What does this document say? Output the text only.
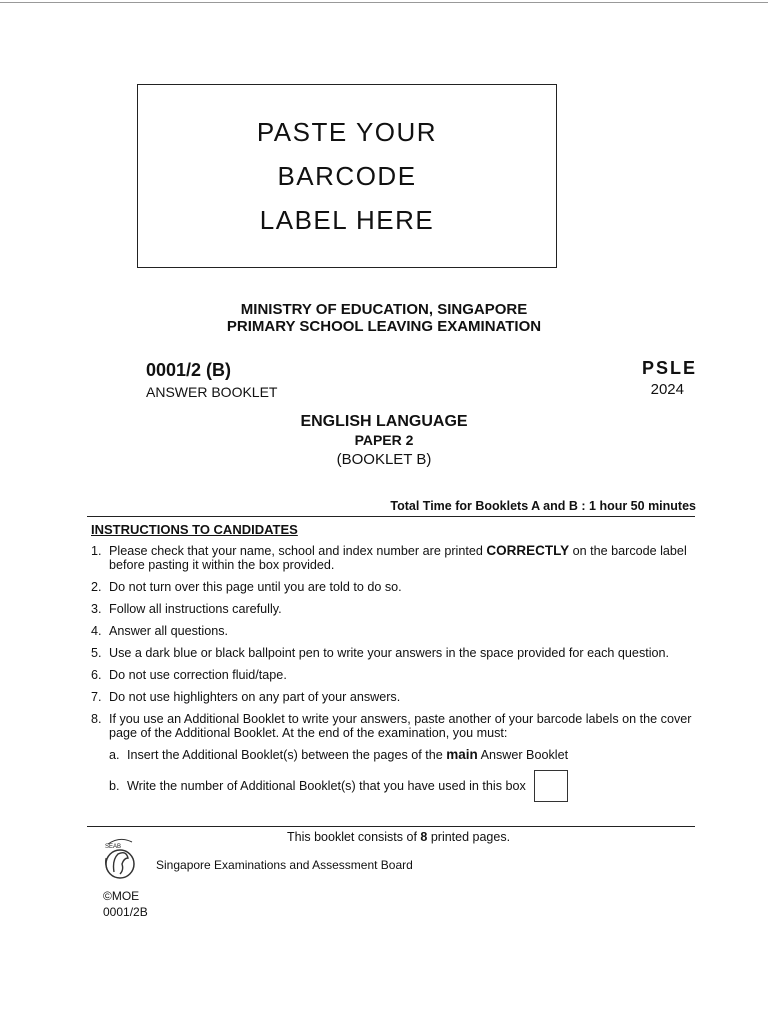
PASTE YOUR
BARCODE
LABEL HERE
MINISTRY OF EDUCATION, SINGAPORE
PRIMARY SCHOOL LEAVING EXAMINATION
0001/2 (B)
ANSWER BOOKLET
PSLE
2024
ENGLISH LANGUAGE
PAPER 2
(BOOKLET B)
Total Time for Booklets A and B : 1 hour 50 minutes
INSTRUCTIONS TO CANDIDATES
1. Please check that your name, school and index number are printed CORRECTLY on the barcode label before pasting it within the box provided.
2. Do not turn over this page until you are told to do so.
3. Follow all instructions carefully.
4. Answer all questions.
5. Use a dark blue or black ballpoint pen to write your answers in the space provided for each question.
6. Do not use correction fluid/tape.
7. Do not use highlighters on any part of your answers.
8. If you use an Additional Booklet to write your answers, paste another of your barcode labels on the cover page of the Additional Booklet. At the end of the examination, you must:
a. Insert the Additional Booklet(s) between the pages of the main Answer Booklet
b. Write the number of Additional Booklet(s) that you have used in this box
This booklet consists of 8 printed pages.
SEAB
Singapore Examinations and Assessment Board
©MOE
0001/2B
